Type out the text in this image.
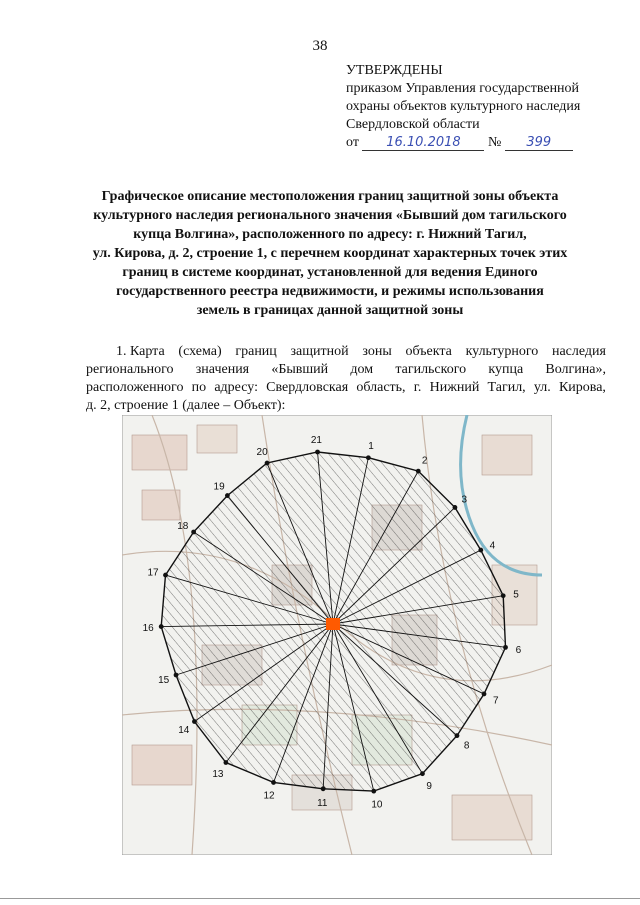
38
УТВЕРЖДЕНЫ
приказом Управления государственной
охраны объектов культурного наследия
Свердловской области
от 16.10.2018 № 399
Графическое описание местоположения границ защитной зоны объекта
культурного наследия регионального значения «Бывший дом тагильского
купца Волгина», расположенного по адресу: г. Нижний Тагил,
ул. Кирова, д. 2, строение 1, с перечнем координат характерных точек этих
границ в системе координат, установленной для ведения Единого
государственного реестра недвижимости, и режимы использования
земель в границах данной защитной зоны
1. Карта (схема) границ защитной зоны объекта культурного наследия
регионального значения «Бывший дом тагильского купца Волгина»,
расположенного по адресу: Свердловская область, г. Нижний Тагил, ул. Кирова,
д. 2, строение 1 (далее – Объект):
1
2
3
4
5
6
7
8
9
10
11
12
13
14
15
16
17
18
19
20
21
